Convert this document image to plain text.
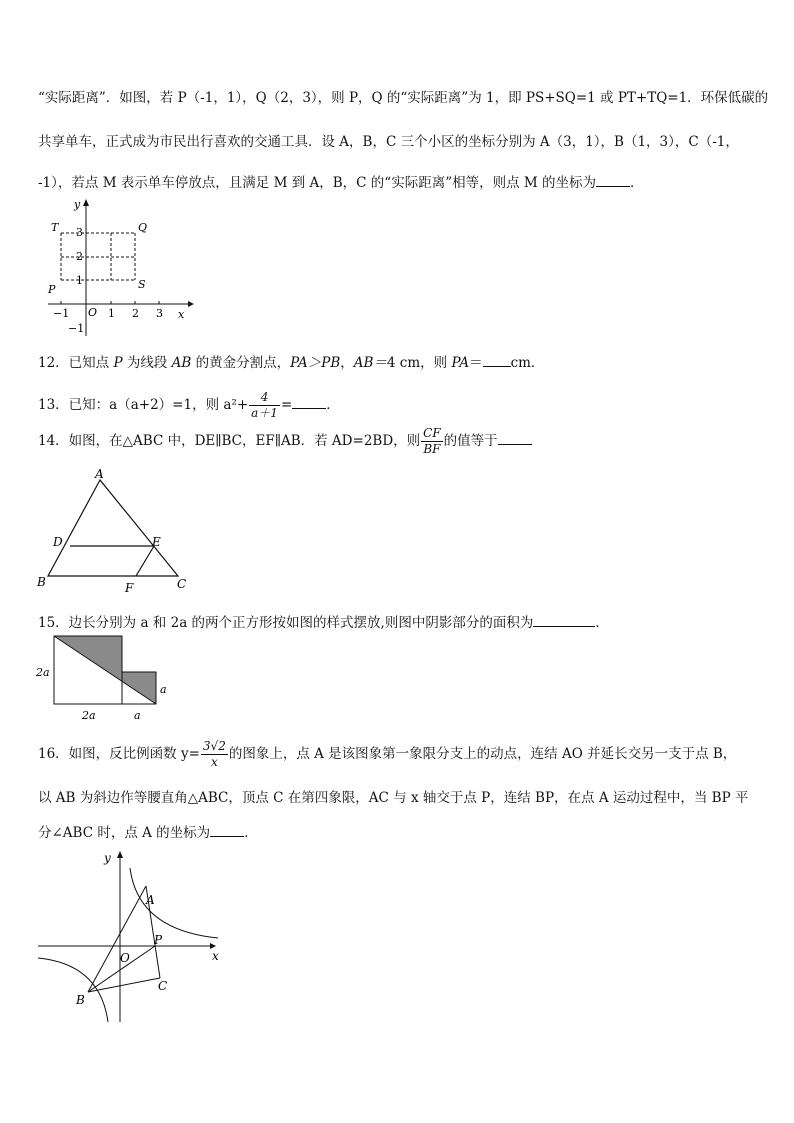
“实际距离”．如图，若 P（-1，1），Q（2，3），则 P，Q 的“实际距离”为 1，即 PS+SQ=1 或 PT+TQ=1．环保低碳的
共享单车，正式成为市民出行喜欢的交通工具．设 A，B，C 三个小区的坐标分别为 A（3，1），B（1，3），C（-1，
-1），若点 M 表示单车停放点，且满足 M 到 A，B，C 的“实际距离”相等，则点 M 的坐标为	．
x
y
O
−1	1 2 3
1
2
3
−1
T	Q
P	S
12．已知点 P 为线段 AB 的黄金分割点，PA＞PB，AB＝4 cm，则 PA＝ cm．
13．已知：a（a+2）=1，则 $a^2+ \frac{4}{a+1}$ =	．
14．如图，在△ABC 中，DE∥BC，EF∥AB．若 AD=2BD，则 $\frac{CF}{BF}$ 的值等于
A
D	E
B	F	C
15．边长分别为 a 和 2a 的两个正方形按如图的样式摆放,则图中阴影部分的面积为	．
2a
2a	a
a
16．如图，反比例函数 $y= \frac{3√2}{x}$ 的图象上，点 A 是该图象第一象限分支上的动点，连结 AO 并延长交另一支于点 B，
以 AB 为斜边作等腰直角△ABC，顶点 C 在第四象限，AC 与 x 轴交于点 P，连结 BP，在点 A 运动过程中，当 BP 平
分∠ABC 时，点 A 的坐标为	．
x
y
O
A
P
B
C
